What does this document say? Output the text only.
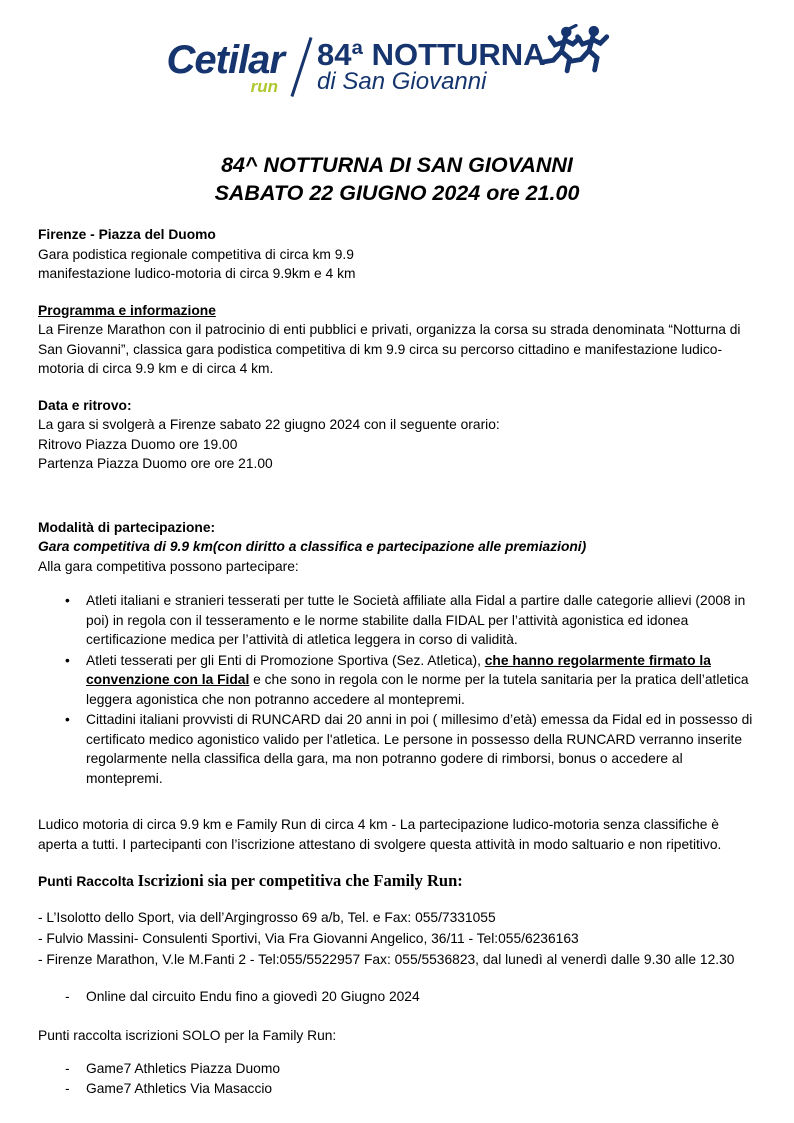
Cetilar
run
84ª NOTTURNA
di San Giovanni
84^ NOTTURNA DI SAN GIOVANNI
SABATO 22 GIUGNO 2024 ore 21.00
Firenze - Piazza del Duomo
Gara podistica regionale competitiva di circa km 9.9
manifestazione ludico-motoria di circa 9.9km e 4 km
Programma e informazione
La Firenze Marathon con il patrocinio di enti pubblici e privati, organizza la corsa su strada denominata “Notturna di San Giovanni”, classica gara podistica competitiva di km 9.9 circa su percorso cittadino e manifestazione ludico-motoria di circa 9.9 km e di circa 4 km.
Data e ritrovo:
La gara si svolgerà a Firenze sabato 22 giugno 2024 con il seguente orario:
Ritrovo Piazza Duomo ore 19.00
Partenza Piazza Duomo ore ore 21.00
Modalità di partecipazione:
Gara competitiva di 9.9 km(con diritto a classifica e partecipazione alle premiazioni)
Alla gara competitiva possono partecipare:
•	Atleti italiani e stranieri tesserati per tutte le Società affiliate alla Fidal a partire dalle categorie allievi (2008 in poi) in regola con il tesseramento e le norme stabilite dalla FIDAL per l’attività agonistica ed idonea certificazione medica per l’attività di atletica leggera in corso di validità.
•	Atleti tesserati per gli Enti di Promozione Sportiva (Sez. Atletica), che hanno regolarmente firmato la convenzione con la Fidal e che sono in regola con le norme per la tutela sanitaria per la pratica dell’atletica leggera agonistica che non potranno accedere al montepremi.
•	Cittadini italiani provvisti di RUNCARD dai 20 anni in poi ( millesimo d’età) emessa da Fidal ed in possesso di certificato medico agonistico valido per l'atletica. Le persone in possesso della RUNCARD verranno inserite regolarmente nella classifica della gara, ma non potranno godere di rimborsi, bonus o accedere al montepremi.
Ludico motoria di circa 9.9 km e Family Run di circa 4 km - La partecipazione ludico-motoria senza classifiche è aperta a tutti. I partecipanti con l’iscrizione attestano di svolgere questa attività in modo saltuario e non ripetitivo.
Punti Raccolta Iscrizioni sia per competitiva che Family Run:
- L’Isolotto dello Sport, via dell’Argingrosso 69 a/b, Tel. e Fax: 055/7331055
- Fulvio Massini- Consulenti Sportivi, Via Fra Giovanni Angelico, 36/11 - Tel:055/6236163
- Firenze Marathon, V.le M.Fanti 2 - Tel:055/5522957 Fax: 055/5536823, dal lunedì al venerdì dalle 9.30 alle 12.30
-	Online dal circuito Endu fino a giovedì 20 Giugno 2024
Punti raccolta iscrizioni SOLO per la Family Run:
-	Game7 Athletics Piazza Duomo
-	Game7 Athletics Via Masaccio
